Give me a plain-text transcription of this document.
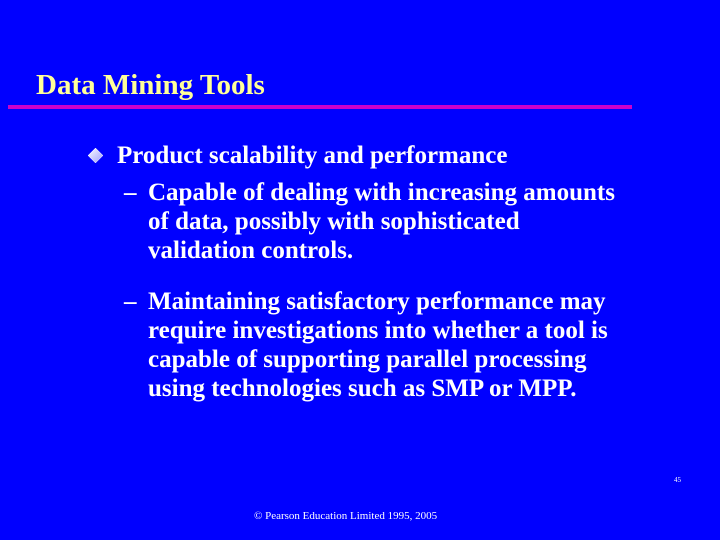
Data Mining Tools
Product scalability and performance
– Capable of dealing with increasing amounts
of data, possibly with sophisticated
validation controls.
– Maintaining satisfactory performance may
require investigations into whether a tool is
capable of supporting parallel processing
using technologies such as SMP or MPP.
© Pearson Education Limited 1995, 2005
45
